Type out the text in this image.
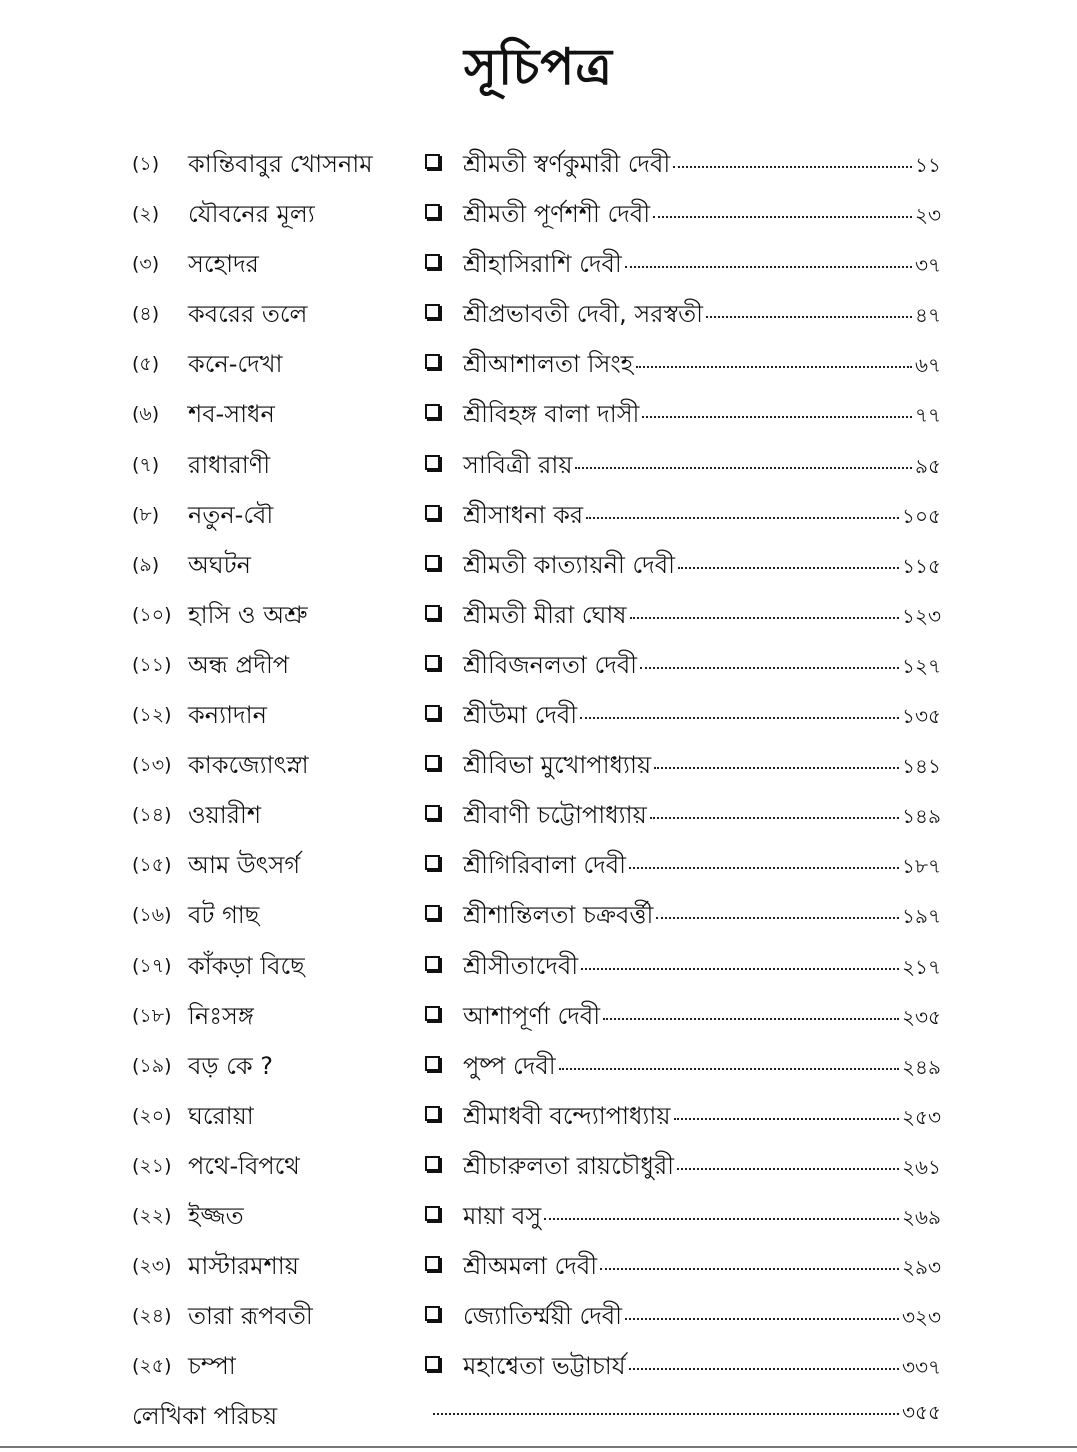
সূচিপত্র
(১) কান্তিবাবুর খোসনাম	শ্রীমতী স্বর্ণকুমারী দেবী	১১
(২) যৌবনের মূল্য	শ্রীমতী পূর্ণশশী দেবী	২৩
(৩) সহোদর	শ্রীহাসিরাশি দেবী	৩৭
(৪) কবরের তলে	শ্রীপ্রভাবতী দেবী, সরস্বতী	৪৭
(৫) কনে-দেখা	শ্রীআশালতা সিংহ	৬৭
(৬) শব-সাধন	শ্রীবিহঙ্গ বালা দাসী	৭৭
(৭) রাধারাণী	সাবিত্রী রায়	৯৫
(৮) নতুন-বৌ	শ্রীসাধনা কর	১০৫
(৯) অঘটন	শ্রীমতী কাত্যায়নী দেবী	১১৫
(১০) হাসি ও অশ্রু	শ্রীমতী মীরা ঘোষ	১২৩
(১১) অন্ধ প্রদীপ	শ্রীবিজনলতা দেবী	১২৭
(১২) কন্যাদান	শ্রীউমা দেবী	১৩৫
(১৩) কাকজ্যোৎস্না	শ্রীবিভা মুখোপাধ্যায়	১৪১
(১৪) ওয়ারীশ	শ্রীবাণী চট্টোপাধ্যায়	১৪৯
(১৫) আম উৎসর্গ	শ্রীগিরিবালা দেবী	১৮৭
(১৬) বট গাছ	শ্রীশান্তিলতা চক্রবর্ত্তী	১৯৭
(১৭) কাঁকড়া বিছে	শ্রীসীতাদেবী	২১৭
(১৮) নিঃসঙ্গ	আশাপূর্ণা দেবী	২৩৫
(১৯) বড় কে ?	পুষ্প দেবী	২৪৯
(২০) ঘরোয়া	শ্রীমাধবী বন্দ্যোপাধ্যায়	২৫৩
(২১) পথে-বিপথে	শ্রীচারুলতা রায়চৌধুরী	২৬১
(২২) ইজ্জত	মায়া বসু	২৬৯
(২৩) মাস্টারমশায়	শ্রীঅমলা দেবী	২৯৩
(২৪) তারা রূপবতী	জ্যোতির্ম্ময়ী দেবী	৩২৩
(২৫) চম্পা	মহাশ্বেতা ভট্টাচার্য	৩৩৭
লেখিকা পরিচয়	৩৫৫
